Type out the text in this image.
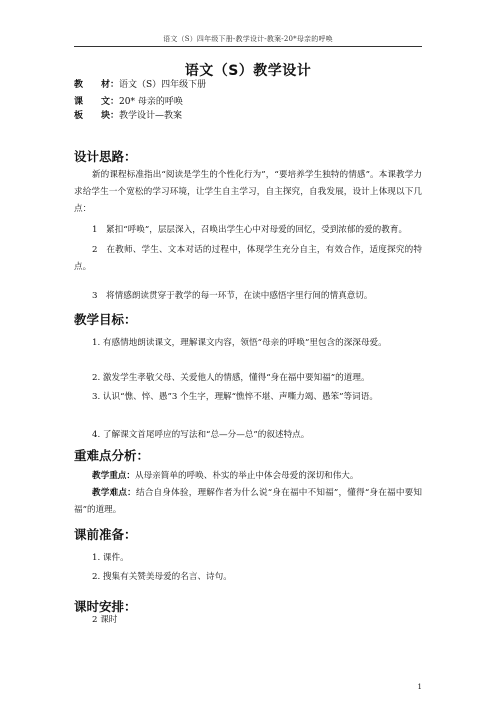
语文（S）四年级下册-教学设计-教案-20*母亲的呼唤
语文（S）教学设计
教　　材：语文（S）四年级下册
课　　文：20* 母亲的呼唤
板　　块：教学设计—教案
设计思路：
新的课程标准指出“阅读是学生的个性化行为”，“要培养学生独特的情感”。本课教学力求给学生一个宽松的学习环境，让学生自主学习，自主探究，自我发展，设计上体现以下几点：
1　紧扣“呼唤”，层层深入，召唤出学生心中对母爱的回忆，受到浓郁的爱的教育。
2　在教师、学生、文本对话的过程中，体现学生充分自主，有效合作，适度探究的特点。
3　将情感朗读贯穿于教学的每一环节，在读中感悟字里行间的情真意切。
教学目标：
1. 有感情地朗读课文，理解课文内容，领悟“母亲的呼唤”里包含的深深母爱。
2. 激发学生孝敬父母、关爱他人的情感，懂得“身在福中要知福”的道理。
3. 认识“憔、悴、愚”3 个生字，理解“憔悴不堪、声嘶力竭、愚笨”等词语。
4. 了解课文首尾呼应的写法和“总—分—总”的叙述特点。
重难点分析：
教学重点：从母亲简单的呼唤、朴实的举止中体会母爱的深切和伟大。
教学难点：结合自身体验，理解作者为什么说“身在福中不知福”，懂得“身在福中要知福”的道理。
课前准备：
1. 课件。
2. 搜集有关赞美母爱的名言、诗句。
课时安排：
2 课时
1
